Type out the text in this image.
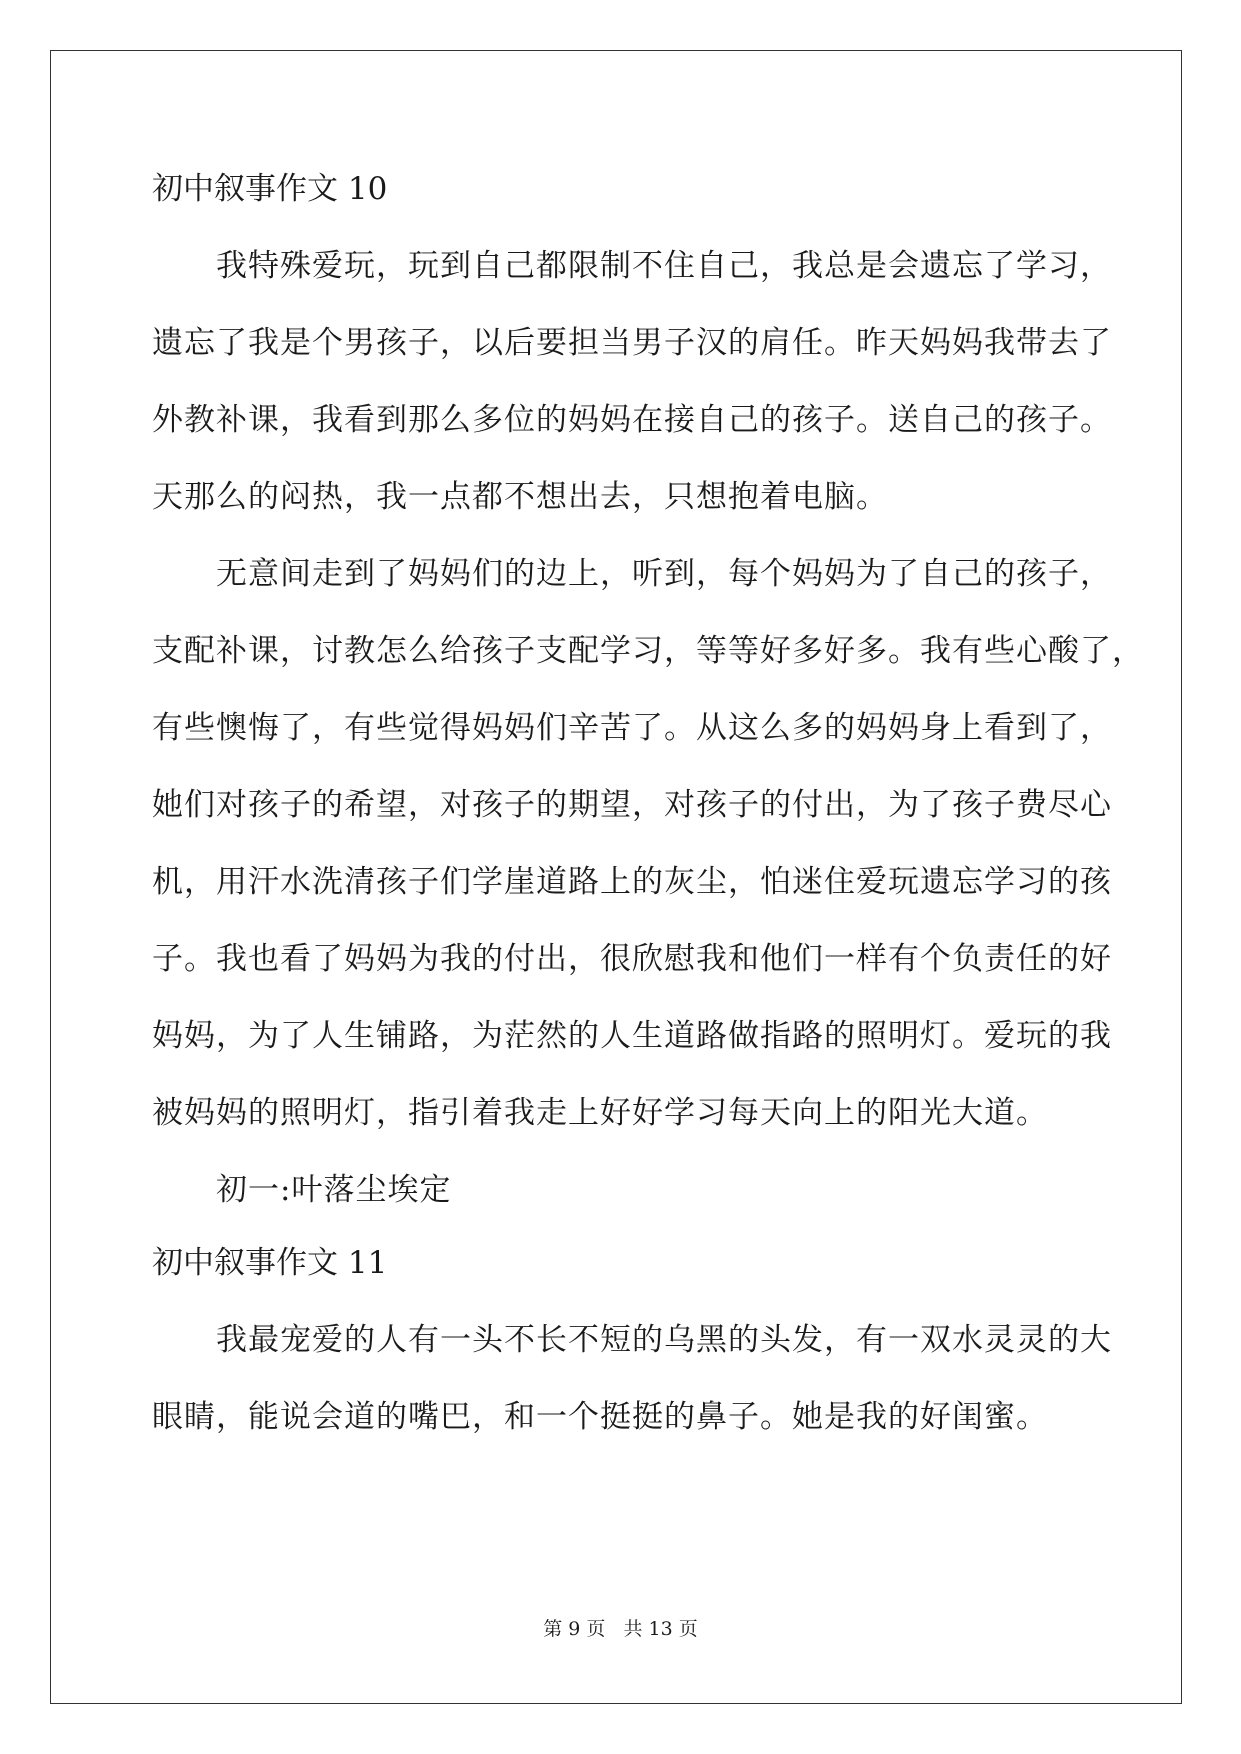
初中叙事作文 10
我特殊爱玩，玩到自己都限制不住自己，我总是会遗忘了学习，
遗忘了我是个男孩子，以后要担当男子汉的肩任。昨天妈妈我带去了
外教补课，我看到那么多位的妈妈在接自己的孩子。送自己的孩子。
天那么的闷热，我一点都不想出去，只想抱着电脑。
无意间走到了妈妈们的边上，听到，每个妈妈为了自己的孩子，
支配补课，讨教怎么给孩子支配学习，等等好多好多。我有些心酸了，
有些懊悔了，有些觉得妈妈们辛苦了。从这么多的妈妈身上看到了，
她们对孩子的希望，对孩子的期望，对孩子的付出，为了孩子费尽心
机，用汗水洗清孩子们学崖道路上的灰尘，怕迷住爱玩遗忘学习的孩
子。我也看了妈妈为我的付出，很欣慰我和他们一样有个负责任的好
妈妈，为了人生铺路，为茫然的人生道路做指路的照明灯。爱玩的我
被妈妈的照明灯，指引着我走上好好学习每天向上的阳光大道。
初一:叶落尘埃定
初中叙事作文 11
我最宠爱的人有一头不长不短的乌黑的头发，有一双水灵灵的大
眼睛，能说会道的嘴巴，和一个挺挺的鼻子。她是我的好闺蜜。
第 9 页 共 13 页
